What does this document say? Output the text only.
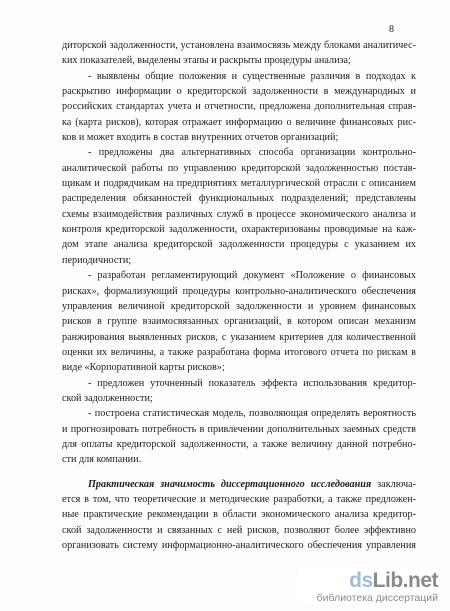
8
диторской задолженности, установлена взаимосвязь между блоками аналитичес-
ких показателей, выделены этапы и раскрыты процедуры анализа;
- выявлены общие положения и существенные различия в подходах к
раскрытию информации о кредиторской задолженности в международных и
российских стандартах учета и отчетности, предложена дополнительная справ-
ка (карта рисков), которая отражает информацию о величине финансовых рис-
ков и может входить в состав внутренних отчетов организаций;
- предложены два альтернативных способа организации контрольно-
аналитической работы по управлению кредиторской задолженностью постав-
щикам и подрядчикам на предприятиях металлургической отрасли с описанием
распределения обязанностей функциональных подразделений; представлены
схемы взаимодействия различных служб в процессе экономического анализа и
контроля кредиторской задолженности, охарактеризованы проводимые на каж-
дом этапе анализа кредиторской задолженности процедуры с указанием их
периодичности;
- разработан регламентирующий документ «Положение о финансовых
рисках», формализующий процедуры контрольно-аналитического обеспечения
управления величиной кредиторской задолженности и уровнем финансовых
рисков в группе взаимосвязанных организаций, в котором описан механизм
ранжирования выявленных рисков, с указанием критериев для количественной
оценки их величины, а также разработана форма итогового отчета по рискам в
виде «Корпоративной карты рисков»;
- предложен уточненный показатель эффекта использования кредитор-
ской задолженности;
- построена статистическая модель, позволяющая определять вероятность
и прогнозировать потребность в привлечении дополнительных заемных средств
для оплаты кредиторской задолженности, а также величину данной потребно-
сти для компании.
Практическая значимость диссертационного исследования заключа-
ется в том, что теоретические и методические разработки, а также предложен-
ные практические рекомендации в области экономического анализа кредитор-
ской задолженности и связанных с ней рисков, позволяют более эффективно
организовать систему информационно-аналитического обеспечения управления
dsLib.net
библиотека диссертаций
